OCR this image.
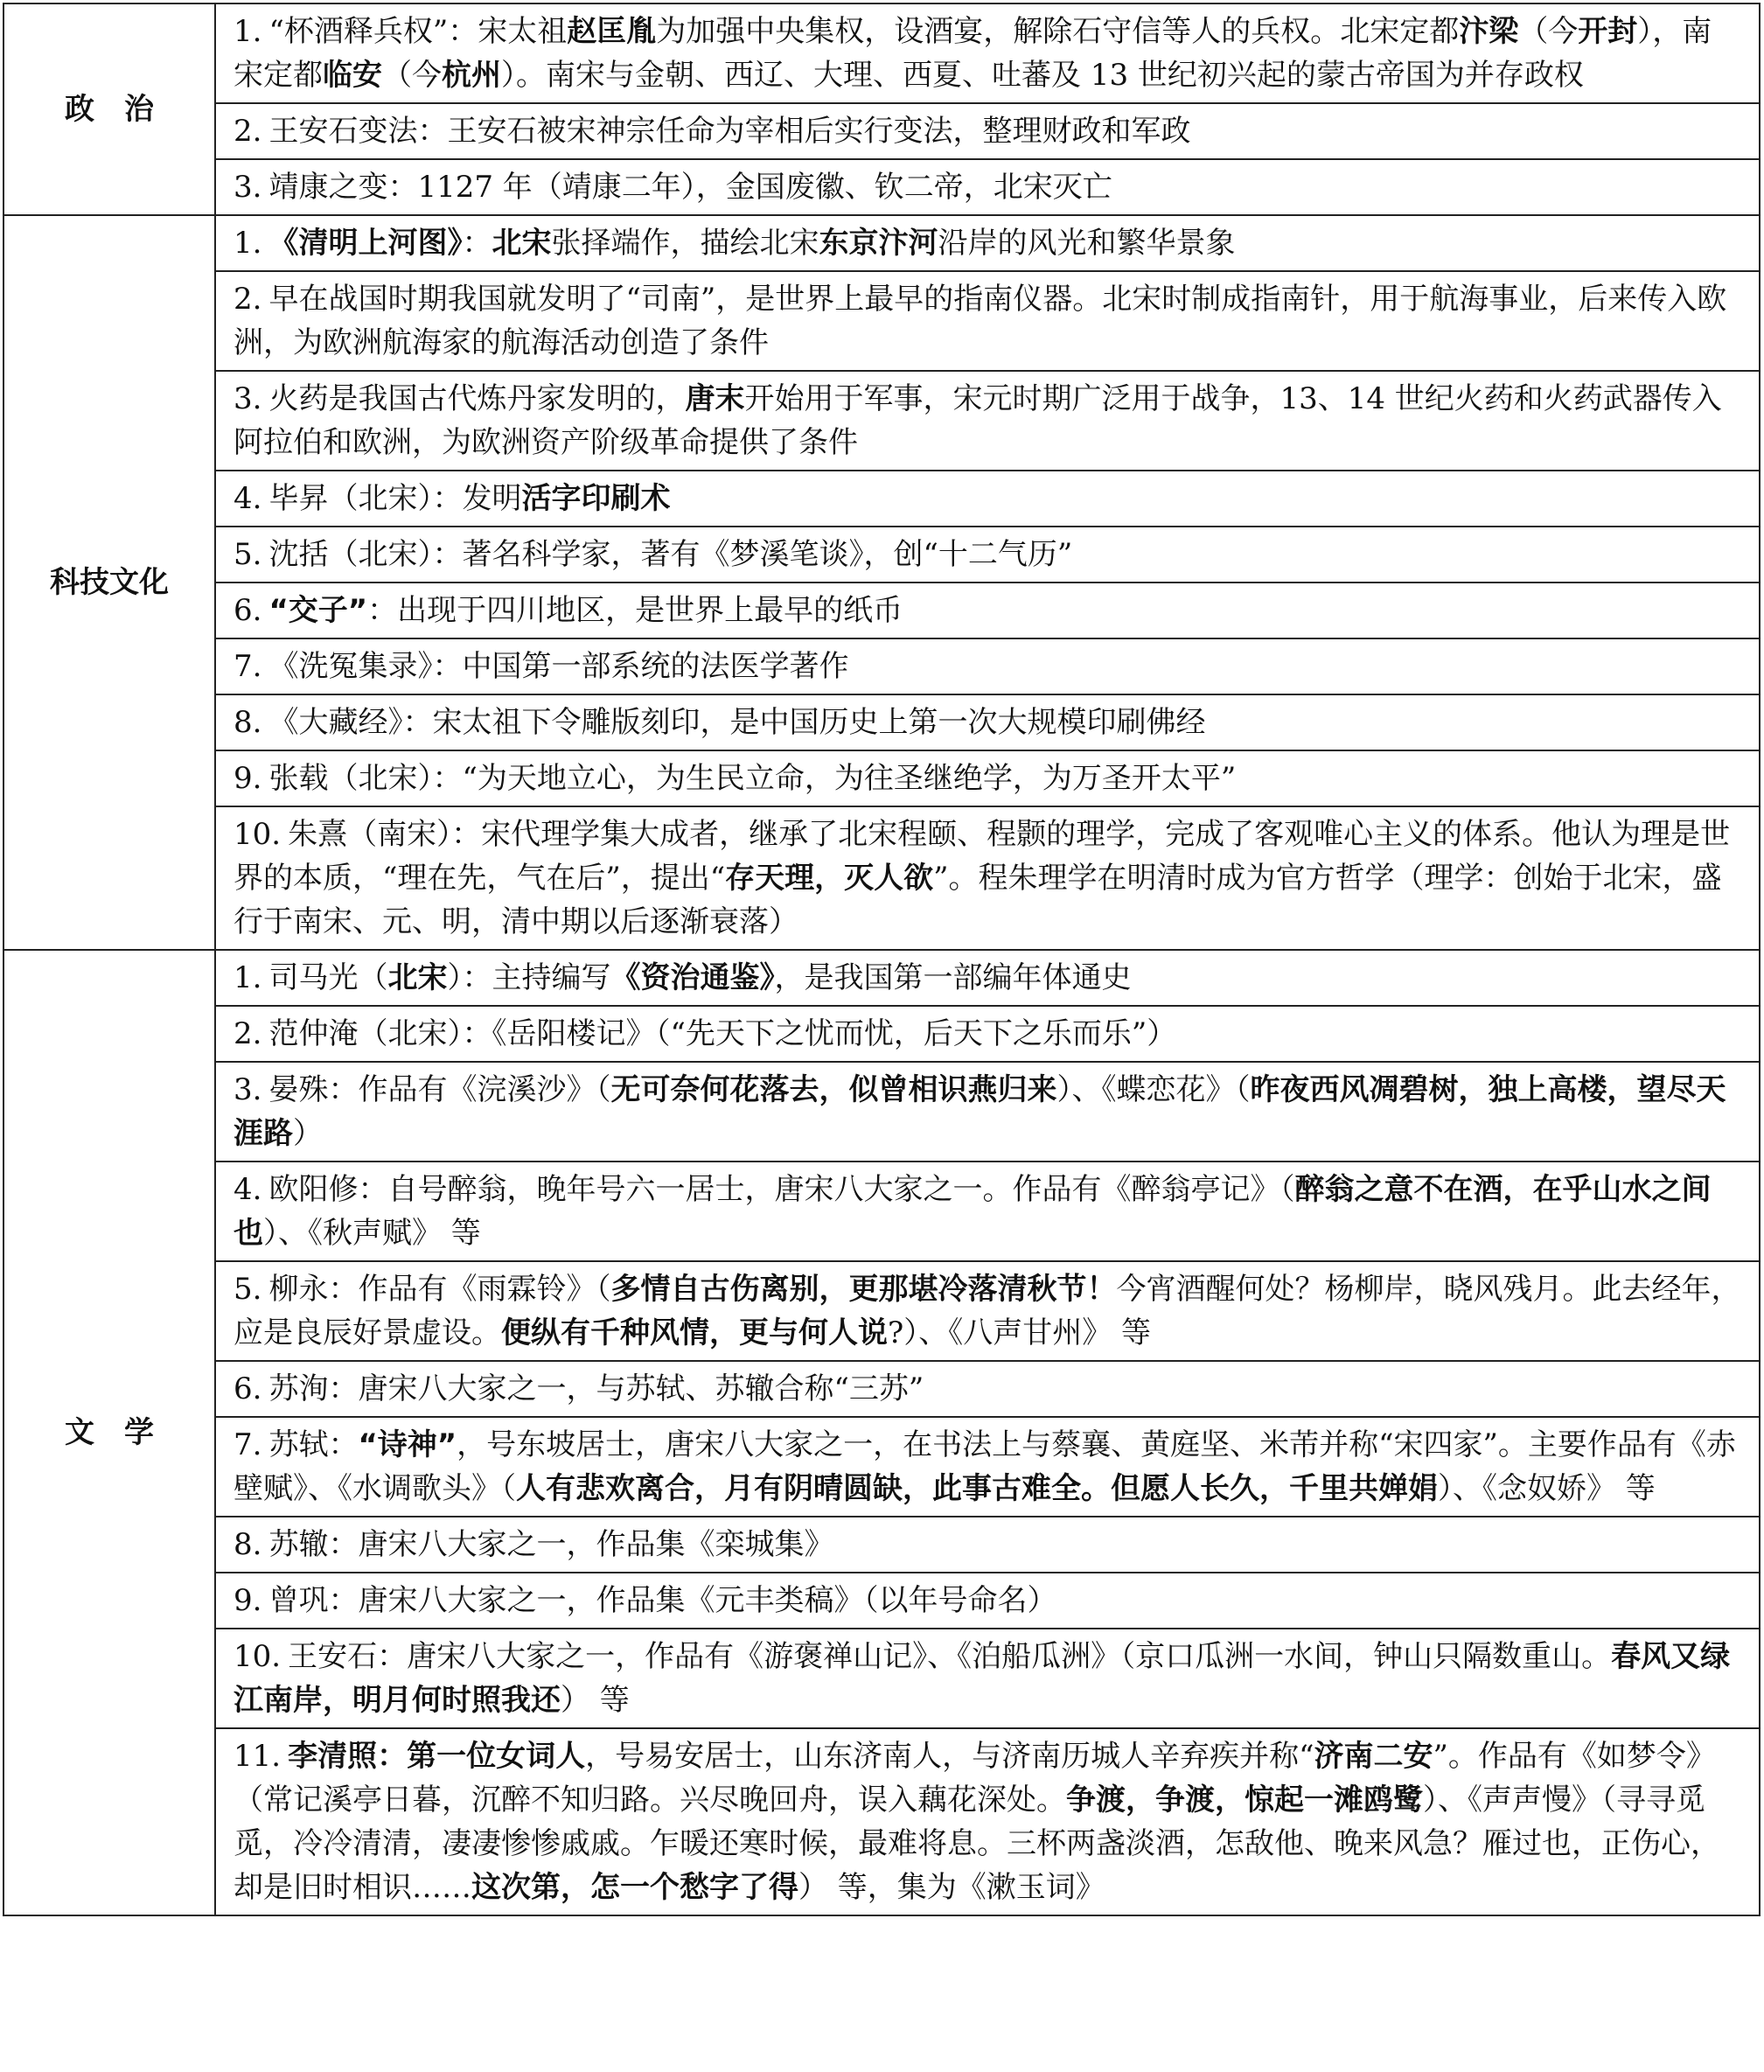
政　治	1. “杯酒释兵权”：宋太祖赵匡胤为加强中央集权，设酒宴，解除石守信等人的兵权。北宋定都汴梁（今开封），南宋定都临安（今杭州）。南宋与金朝、西辽、大理、西夏、吐蕃及 13 世纪初兴起的蒙古帝国为并存政权
	2. 王安石变法：王安石被宋神宗任命为宰相后实行变法，整理财政和军政
	3. 靖康之变：1127 年（靖康二年），金国废徽、钦二帝，北宋灭亡
科技文化	1. 《清明上河图》：北宋张择端作，描绘北宋东京汴河沿岸的风光和繁华景象
	2. 早在战国时期我国就发明了“司南”，是世界上最早的指南仪器。北宋时制成指南针，用于航海事业，后来传入欧洲，为欧洲航海家的航海活动创造了条件
	3. 火药是我国古代炼丹家发明的，唐末开始用于军事，宋元时期广泛用于战争，13、14 世纪火药和火药武器传入阿拉伯和欧洲，为欧洲资产阶级革命提供了条件
	4. 毕昇（北宋）：发明活字印刷术
	5. 沈括（北宋）：著名科学家，著有《梦溪笔谈》，创“十二气历”
	6. “交子”：出现于四川地区，是世界上最早的纸币
	7. 《洗冤集录》：中国第一部系统的法医学著作
	8. 《大藏经》：宋太祖下令雕版刻印，是中国历史上第一次大规模印刷佛经
	9. 张载（北宋）：“为天地立心，为生民立命，为往圣继绝学，为万圣开太平”
	10. 朱熹（南宋）：宋代理学集大成者，继承了北宋程颐、程颢的理学，完成了客观唯心主义的体系。他认为理是世界的本质，“理在先，气在后”，提出“存天理，灭人欲”。程朱理学在明清时成为官方哲学（理学：创始于北宋，盛行于南宋、元、明，清中期以后逐渐衰落）
文　学	1. 司马光（北宋）：主持编写《资治通鉴》，是我国第一部编年体通史
	2. 范仲淹（北宋）：《岳阳楼记》（“先天下之忧而忧，后天下之乐而乐”）
	3. 晏殊：作品有《浣溪沙》（无可奈何花落去，似曾相识燕归来）、《蝶恋花》（昨夜西风凋碧树，独上高楼，望尽天涯路）
	4. 欧阳修：自号醉翁，晚年号六一居士，唐宋八大家之一。作品有《醉翁亭记》（醉翁之意不在酒，在乎山水之间也）、《秋声赋》 等
	5. 柳永：作品有《雨霖铃》（多情自古伤离别，更那堪冷落清秋节！今宵酒醒何处？杨柳岸，晓风残月。此去经年，应是良辰好景虚设。便纵有千种风情，更与何人说?）、《八声甘州》 等
	6. 苏洵：唐宋八大家之一，与苏轼、苏辙合称“三苏”
	7. 苏轼：“诗神”，号东坡居士，唐宋八大家之一，在书法上与蔡襄、黄庭坚、米芾并称“宋四家”。主要作品有《赤壁赋》、《水调歌头》（人有悲欢离合，月有阴晴圆缺，此事古难全。但愿人长久，千里共婵娟）、《念奴娇》 等
	8. 苏辙：唐宋八大家之一，作品集《栾城集》
	9. 曾巩：唐宋八大家之一，作品集《元丰类稿》（以年号命名）
	10. 王安石：唐宋八大家之一，作品有《游褒禅山记》、《泊船瓜洲》（京口瓜洲一水间，钟山只隔数重山。春风又绿江南岸，明月何时照我还） 等
	11. 李清照：第一位女词人，号易安居士，山东济南人，与济南历城人辛弃疾并称“济南二安”。作品有《如梦令》（常记溪亭日暮，沉醉不知归路。兴尽晚回舟，误入藕花深处。争渡，争渡，惊起一滩鸥鹭）、《声声慢》（寻寻觅觅，冷冷清清，凄凄惨惨戚戚。乍暖还寒时候，最难将息。三杯两盏淡酒，怎敌他、晚来风急？雁过也，正伤心，却是旧时相识……这次第，怎一个愁字了得） 等，集为《漱玉词》
